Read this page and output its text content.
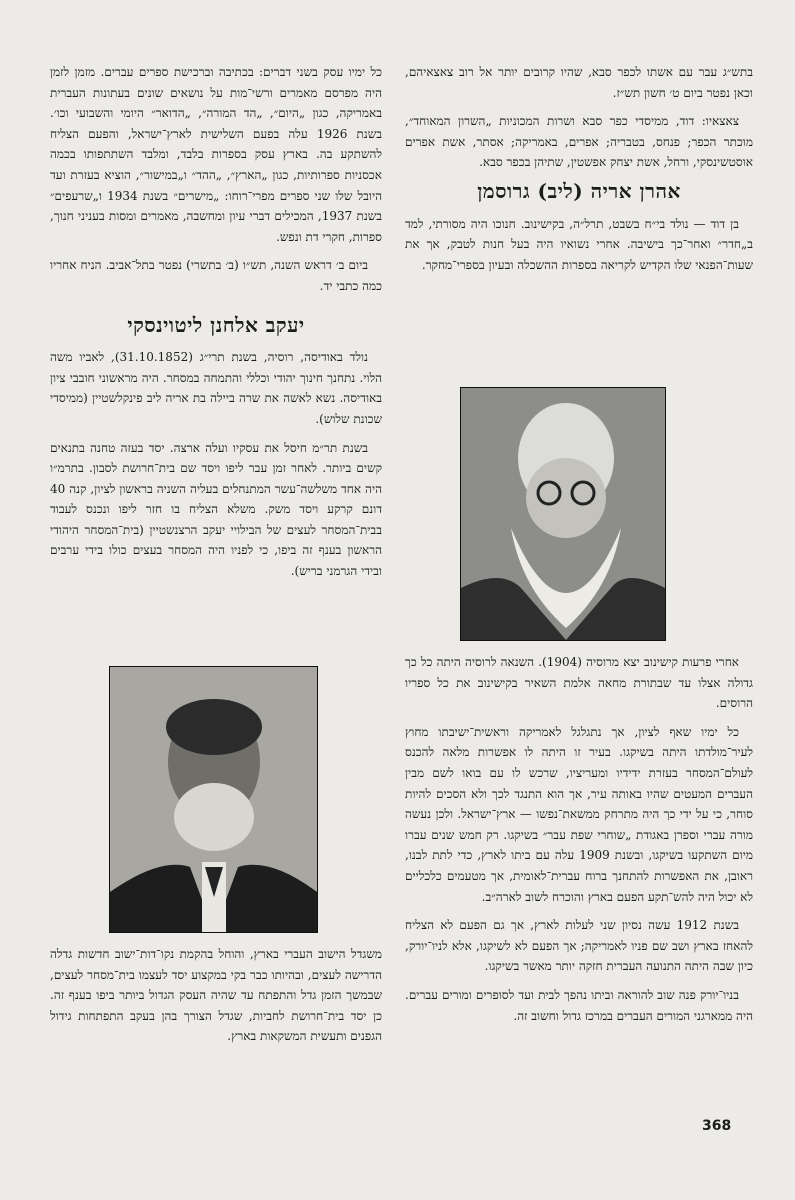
בתש״ג עבר עם אשתו לכפר סבא, שהיו קרובים יותר אל רוב צאצאיהם, וכאן נפטר ביום ט׳ חשון תש״ז.

צאצאיו: דוד, ממיסדי כפר סבא ושרות המכוניות „השרון המאוחד״, מוכתר הכפר; פנחס, בטבריה; אפרים, באמריקה; אסתר, אשת אפרים אוסטשינסקי, ורחל, אשת יצחק אפשטין, שתיהן בכפר סבא.

אהרן אריה (ליב) גרוסמן

בן דוד — נולד בי״ח בשבט, תרל״ה, בקישינוב. חנוכו היה מסורתי, למד ב„חדר״ ואחר־כך בישיבה. אחרי נשואיו היה בעל חנות לטבק, אך את שעות־הפנאי שלו הקדיש לקריאה בספרות ההשכלה ובעיון בספרי־מחקר.

אחרי פרעות קישינוב יצא מרוסיה (1904). השנאה לרוסיה היתה כל כך גדולה אצלו עד שבתורת מחאה אלמת השאיר בקישינוב את כל ספריו הרוסים.

כל ימיו שאף לציון, אך נתגלגל לאמריקה וראשית־ישיבתו מחוץ לעיר־מולדתו היתה בשיקגו. בעיר זו היתה לו אפשרות מלאה להכנס לעולם־המסחר בעזרת ידידיו ומעריציו, שרכש לו עם בואו לשם מבין העברים המעטים שהיו באותה עיר, אך הוא התנגד לכך ולא הסכים להיות סוחר, כי על ידי כך היה מתרחק ממשאת־נפשו — ארץ־ישראל. ולכן נעשה מורה עברי וספרן באגודת „שוחרי שפת עבר״ בשיקגו. רק חמש שנים עברו מיום השתקעו בשיקגו, ובשנת 1909 עלה עם ביתו לארץ, כדי לתת לבנו, ראובן, את האפשרות להתחנך ברוח עברית־לאומית, אך מטעמים כלכליים לא יכול היה להש־תקע הפעם בארץ והוכרח לשוב לארה״ב.

בשנת 1912 עשה נסיון שני לעלות לארץ, אך גם הפעם לא הצליח להאחז בארץ ושב שם פניו לאמריקה; אך הפעם לא לשיקגו, אלא לניו־יורק, כיון שבה היתה התנועה העברית חזקה יותר מאשר בשיקגו.

בניו־יורק פנה שוב להוראה וביתו נהפך לבית ועד לסופרים ומורים עברים. היה ממארגני המורים העברים במרכז גדול וחשוב זה.

כל ימיו עסק בשני דברים: בכתיבה וברכישת ספרים עברים. מזמן לזמן היה מפרסם מאמרים ורשי־מות על נושאים שונים בעתונות העברית באמריקה, כגון „היום״, „הד המורה״, „הדואר״ היומי והשבועי וכו׳. בשנת 1926 עלה בפעם השלישית לארץ־ישראל, והפעם הצליח להשתקע בה. בארץ עסק בספרות בלבד, ומלבד השתתפותו בכמה אכסניות ספרותיות, כגון „הארץ״, „ההד״ ו„במישור״, הוציא בעזרת ועד היובל שלו שני ספרים מפרי־רוחו: „מישרים״ בשנת 1934 ו„שרעפים״ בשנת 1937, המכילים דברי עיון ומחשבה, מאמרים ומסות בעניני חנוך, ספרות, חקרי דת ונפש.

ביום ב׳ דראש השנה, תש״ו (ב׳ בתשרי) נפטר בתל־אביב. הניח אחריו כמה כתבי יד.

יעקב אלחנן ליטוינסקי

נולד באודיסה, רוסיה, בשנת תרי״ג (31.10.1852), לאביו משה הלוי. נתחנך חינוך יהודי וכללי והתמחה במסחר. היה מראשוני חובבי ציון באודיסה. נשא לאשה את שרה ביילה בת אריה ליב פינקלשטיין (ממיסדי שכונת שלוש).

בשנת תר״מ חיסל את עסקיו ועלה ארצה. יסד בעזה טחנה בתנאים קשים ביותר. לאחר זמן עבר ליפו ויסד שם בית־חרושת לסבון. בתרמ״ו היה אחד משלשה־עשר המתנחלים בעליה השניה בראשון לציון, קנה 40 דונם קרקע ויסד משק. משלא הצליח בו חזר ליפו ונכנס לעבוד בבית־המסחר לעצים של הבילויי יעקב הרצנשטיין (בית־המסחר היהודי הראשון בענף זה ביפו, כי לפניו היה המסחר בעצים כולו בידי ערבים ובידי הגרמני בריש).

משגדל הישוב העברי בארץ, והוחל בהקמת נקו־דות־ישוב חדשות גדלה הדרישה לעצים, ובהיותו כבר בקי במקצוע יסד לעצמו בית־מסחר לעצים, שבמשך הזמן גדל והתפתח עד שהיה העסק הגדול ביותר ביפו בענף זה. כן יסד בית־חרושת לחביות, שגדל הצורך בהן בעקב התפתחות גידול הגפנים ותעשית המשקאות בארץ.

368
